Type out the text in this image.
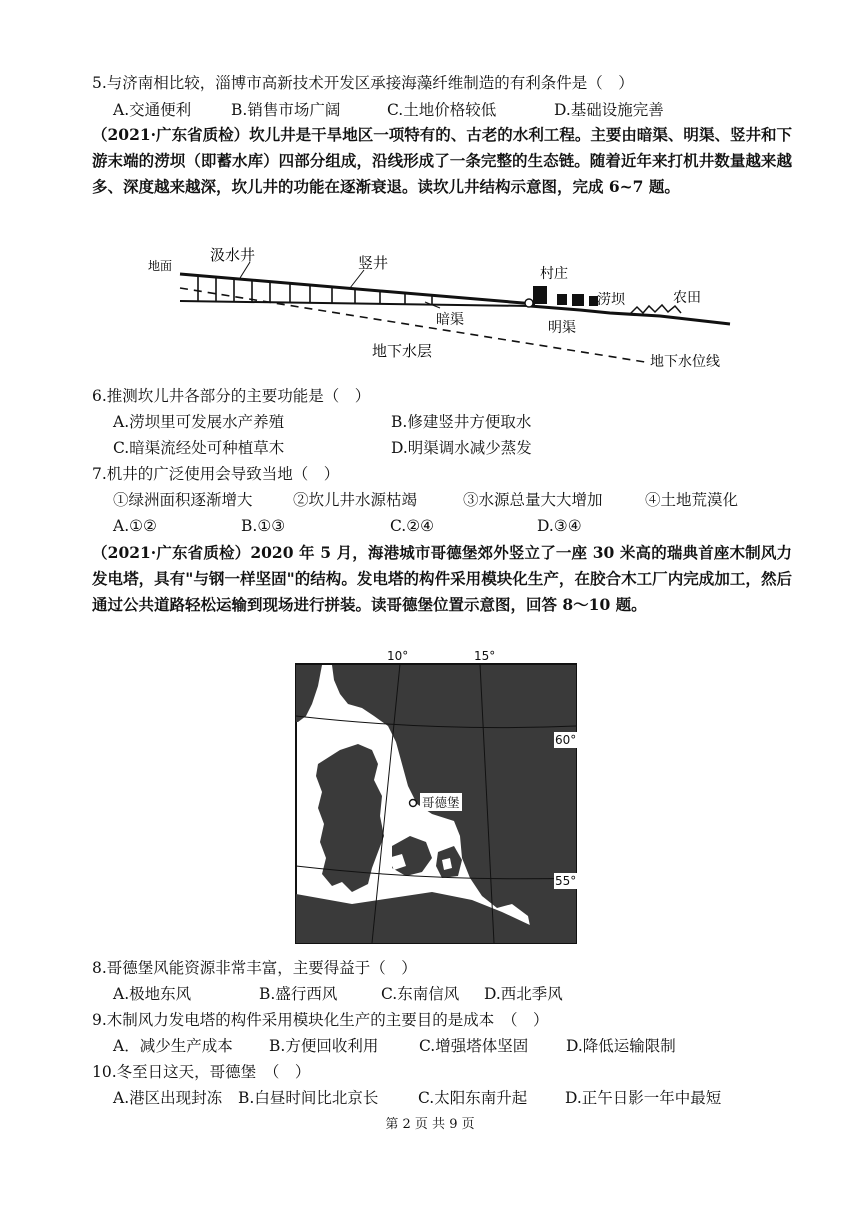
5.与济南相比较，淄博市高新技术开发区承接海藻纤维制造的有利条件是（　）
A.交通便利	B.销售市场广阔	C.土地价格较低	D.基础设施完善
（2021·广东省质检）坎儿井是干旱地区一项特有的、古老的水利工程。主要由暗渠、明渠、竖井和下游末端的涝坝（即蓄水库）四部分组成，沿线形成了一条完整的生态链。随着近年来打机井数量越来越多、深度越来越深，坎儿井的功能在逐渐衰退。读坎儿井结构示意图，完成 6~7 题。
地面
汲水井	竖井
村庄
涝坝	农田
暗渠	明渠
地下水层
地下水位线
6.推测坎儿井各部分的主要功能是（　）
A.涝坝里可发展水产养殖	B.修建竖井方便取水
C.暗渠流经处可种植草木	D.明渠调水减少蒸发
7.机井的广泛使用会导致当地（　）
①绿洲面积逐渐增大	②坎儿井水源枯竭	③水源总量大大增加	④土地荒漠化
A.①②	B.①③	C.②④	D.③④
（2021·广东省质检）2020 年 5 月，海港城市哥德堡郊外竖立了一座 30 米高的瑞典首座木制风力发电塔，具有"与钢一样坚固"的结构。发电塔的构件采用模块化生产，在胶合木工厂内完成加工，然后通过公共道路轻松运输到现场进行拼装。读哥德堡位置示意图，回答 8～10 题。
哥德堡
10°	15°
60°
55°
8.哥德堡风能资源非常丰富，主要得益于（　）
A.极地东风	B.盛行西风	C.东南信风 D.西北季风
9.木制风力发电塔的构件采用模块化生产的主要目的是成本　（　）
A．减少生产成本 B.方便回收利用	C.增强塔体坚固 D.降低运输限制
10.冬至日这天，哥德堡　（　）
A.港区出现封冻 B.白昼时间比北京长	C.太阳东南升起 D.正午日影一年中最短
第 2 页 共 9 页
